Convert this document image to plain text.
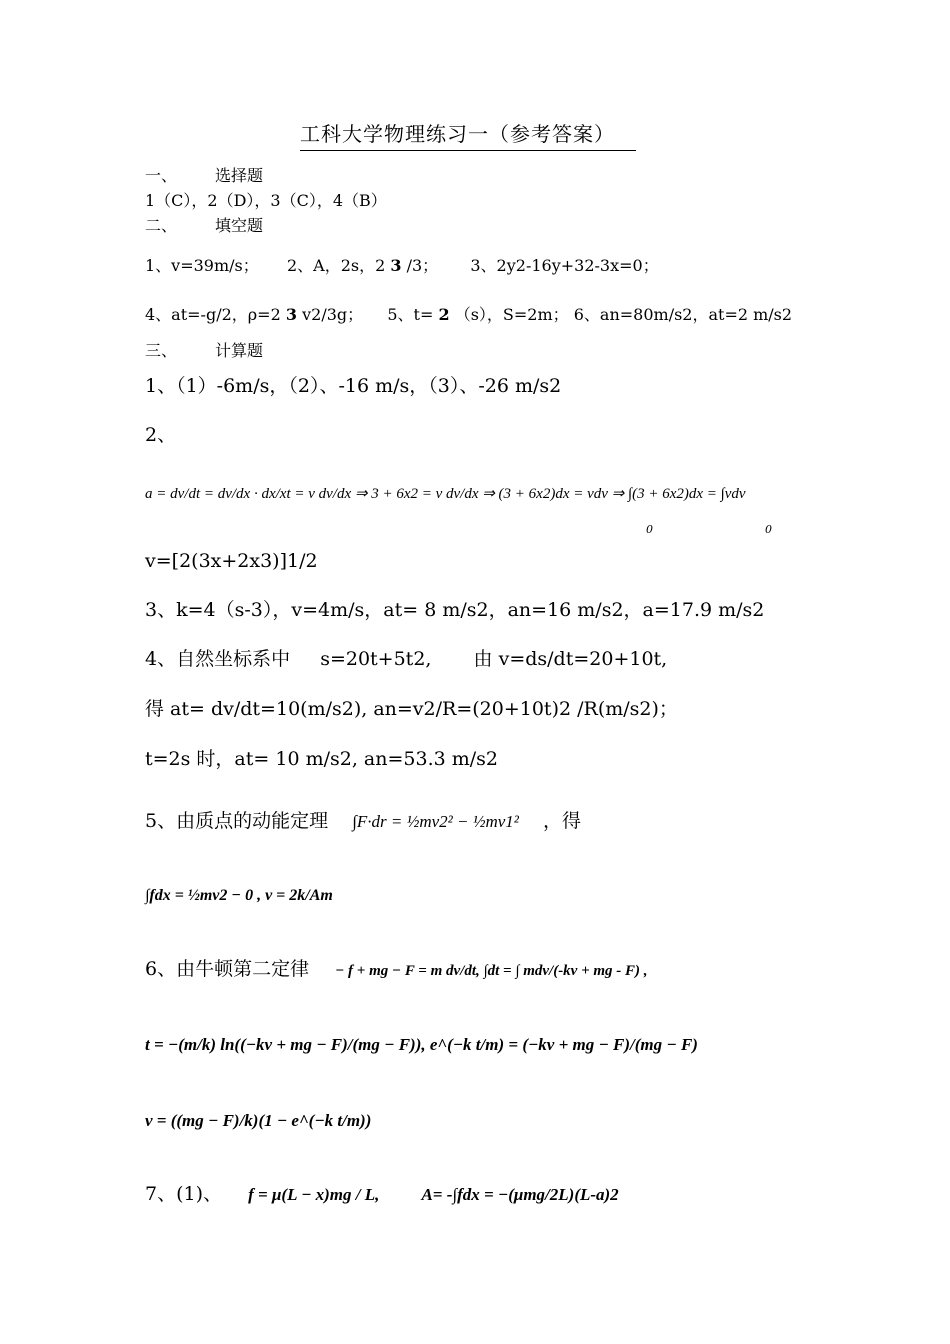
工科大学物理练习一（参考答案）
一、 选择题
1（C），2（D），3（C），4（B）
二、 填空题
1、v=39m/s； 2、A，2s，2 3 /3； 3、2y2-16y+32-3x=0；
4、at=-g/2，ρ=2 3 v2/3g； 5、t= 2 （s），S=2m； 6、an=80m/s2，at=2 m/s2
三、 计算题
1、（1）-6m/s，（2）、-16 m/s，（3）、-26 m/s2
2、
a = dv/dt = dv/dx · dx/xt = v dv/dx ⇒ 3 + 6x2 = v dv/dx ⇒ (3 + 6x2)dx = vdv ⇒ ∫(3 + 6x2)dx = ∫vdv
0	0
v=[2(3x+2x3)]1/2
3、k=4（s-3），v=4m/s，at= 8 m/s2，an=16 m/s2，a=17.9 m/s2
4、自然坐标系中 s=20t+5t2, 由 v=ds/dt=20+10t,
得 at= dv/dt=10(m/s2), an=v2/R=(20+10t)2 /R(m/s2)；
t=2s 时，at= 10 m/s2, an=53.3 m/s2
5、由质点的动能定理 ∫F·dr = ½mv2² − ½mv1² ，得
∫fdx = ½mv2 − 0 , v = 2k/Am
6、由牛顿第二定律 − f + mg − F = m dv/dt, ∫dt = ∫ mdv/(-kv + mg - F) ,
t = −(m/k) ln((−kv + mg − F)/(mg − F)), e^(−k t/m) = (−kv + mg − F)/(mg − F)
v = ((mg − F)/k)(1 − e^(−k t/m))
7、(1)、 f = μ(L − x)mg / L, A= -∫fdx = −(μmg/2L)(L-a)2
